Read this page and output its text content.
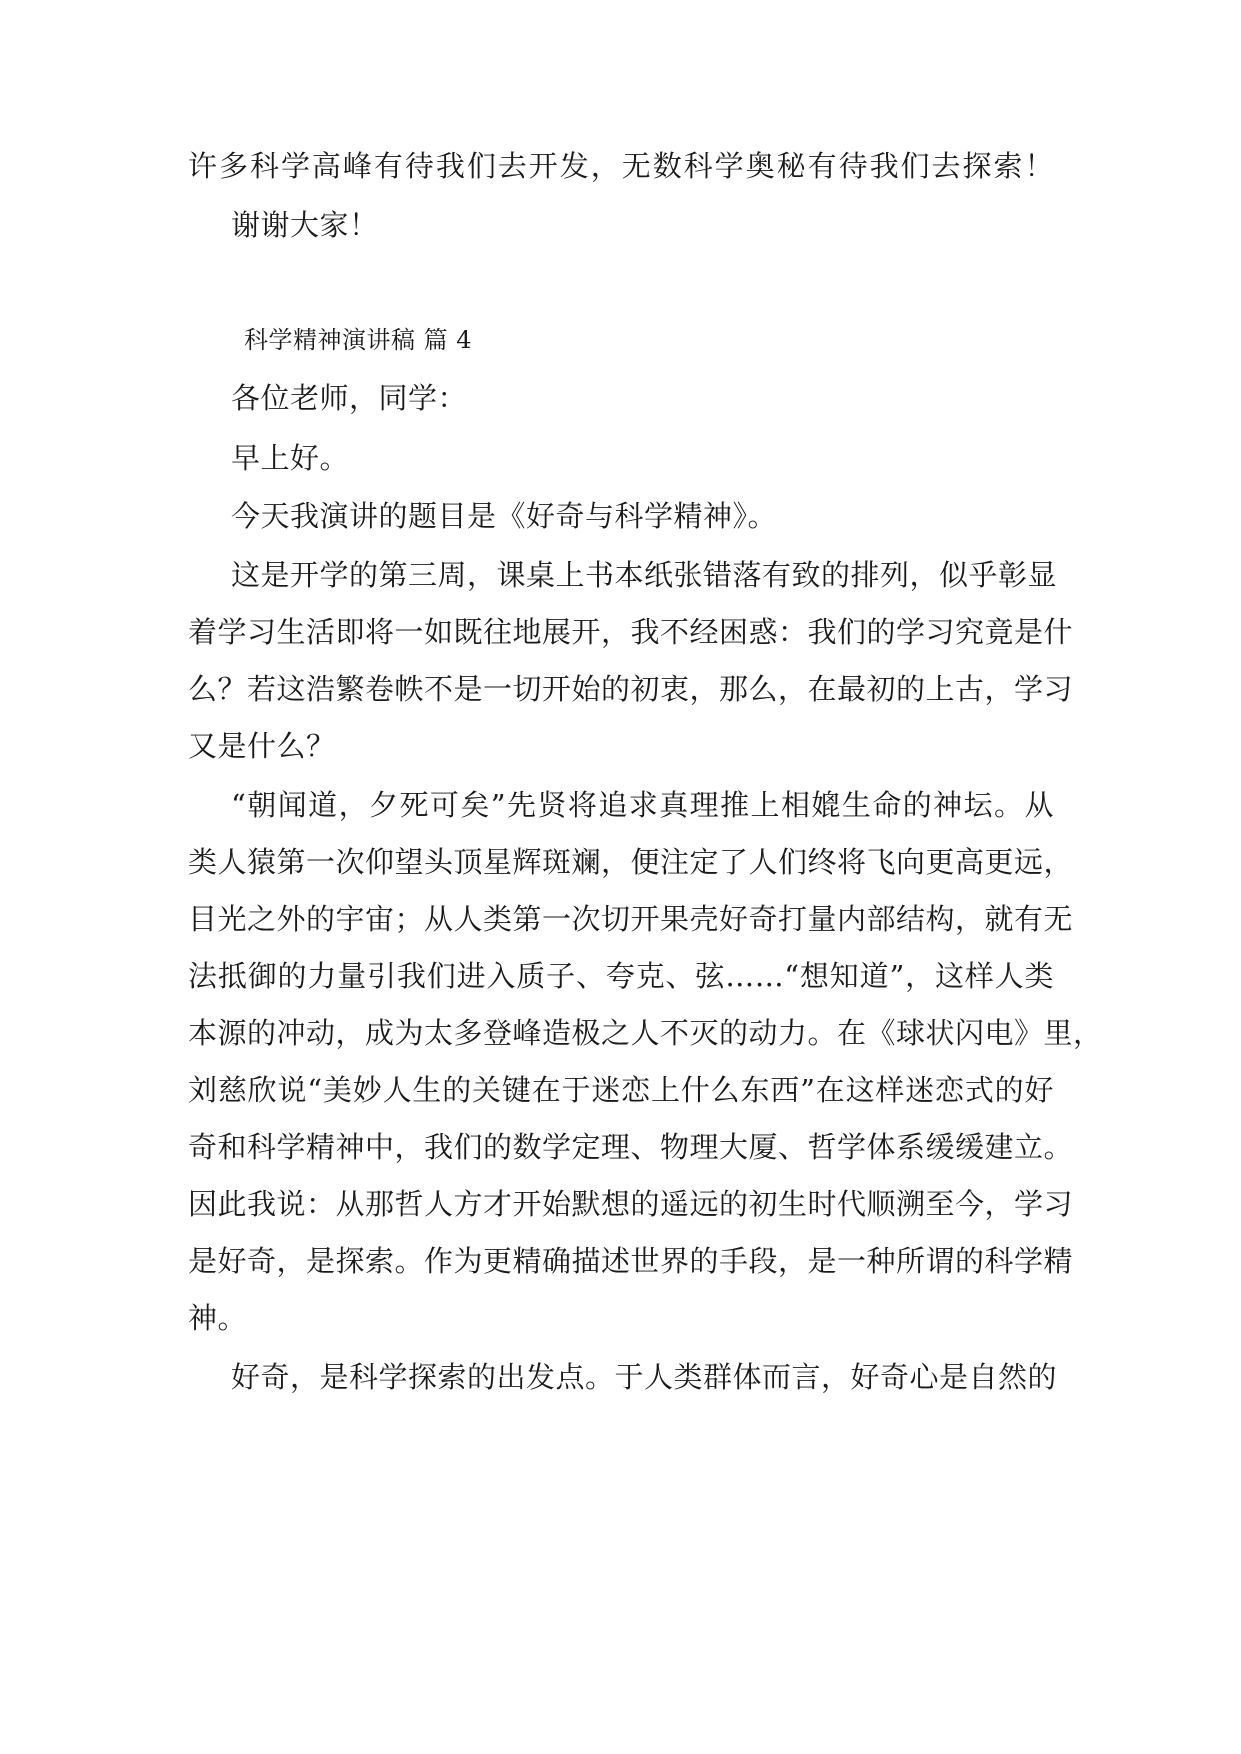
许多科学高峰有待我们去开发，无数科学奥秘有待我们去探索！
谢谢大家！
科学精神演讲稿 篇 4
各位老师，同学：
早上好。
今天我演讲的题目是《好奇与科学精神》。
这是开学的第三周，课桌上书本纸张错落有致的排列，似乎彰显
着学习生活即将一如既往地展开，我不经困惑：我们的学习究竟是什
么？若这浩繁卷帙不是一切开始的初衷，那么，在最初的上古，学习
又是什么？
“朝闻道，夕死可矣”先贤将追求真理推上相媲生命的神坛。从
类人猿第一次仰望头顶星辉斑斓，便注定了人们终将飞向更高更远，
目光之外的宇宙；从人类第一次切开果壳好奇打量内部结构，就有无
法抵御的力量引我们进入质子、夸克、弦……“想知道”，这样人类
本源的冲动，成为太多登峰造极之人不灭的动力。在《球状闪电》里，
刘慈欣说“美妙人生的关键在于迷恋上什么东西”在这样迷恋式的好
奇和科学精神中，我们的数学定理、物理大厦、哲学体系缓缓建立。
因此我说：从那哲人方才开始默想的遥远的初生时代顺溯至今，学习
是好奇，是探索。作为更精确描述世界的手段，是一种所谓的科学精
神。
好奇，是科学探索的出发点。于人类群体而言，好奇心是自然的
